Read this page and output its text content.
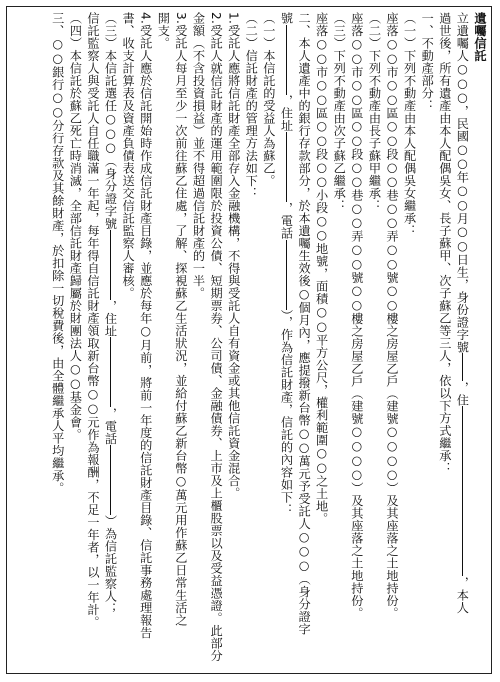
遺囑信託

立遺囑人○○○，民國○○年○○月○○日生，身份證字號，住，本人

過世後，所有遺產由本人配偶吳女、長子蘇甲、次子蘇乙等三人，依以下方式繼承：

一、不動產部分：

（一）下列不動產由本人配偶吳女繼承：

座落○○市○○區○○段○○巷○○弄○○號○○樓之房屋乙戶（建號○○○○）及其座落之土地持份。

（二）下列不動產由長子蘇甲繼承：

座落○○市○○區○○段○○巷○○弄○○號○○樓之房屋乙戶（建號○○○○）及其座落之土地持份。

（三）下列不動產由次子蘇乙繼承：

座落○○市○○區○○段○○小段○○地號，面積○○平方公尺，權利範圍○○之土地。

二、本人遺產中的銀行存款部分，於本遺囑生效後○個月內，應提撥新台幣○○萬元予受託人○○○（身分證字

號，住址，電話），作為信託財產，信託的內容如下：

（一）本信託的受益人為蘇乙。

（二）信託財產的管理方法如下：

1.受託人應將信託財產全部存入金融機構，不得與受託人自有資金或其他信託資金混合。

2.受託人就信託財產的運用範圍限於投資公債、短期票券、公司債、金融債券、上市及上櫃股票以及受益憑證。此部分

金額（不含投資損益）並不得超過信託財產的一半。

3.受託人每月至少一次前往蘇乙住處，了解、探視蘇乙生活狀況，並給付蘇乙新台幣○萬元用作蘇乙日常生活之

開支。

4.受託人應於信託開始時作成信託財產目錄，並應於每年○月前，將前一年度的信託財產目錄、信託事務處理報告

書、收支計算表及資產負債表送交信託監察人審核。

（三）本信託選任○○○（身分證字號，住址，電話）為信託監察人；

信託監察人與受託人自任職滿一年起，每年得自信託財產領取新台幣○○元作為報酬，不足一年者，以一年計。

（四）本信託於蘇乙死亡時消滅，全部信託財產歸屬於財團法人○○基金會。

三、○○銀行○○分行存款及其餘財產，於扣除一切稅費後，由全體繼承人平均繼承。
